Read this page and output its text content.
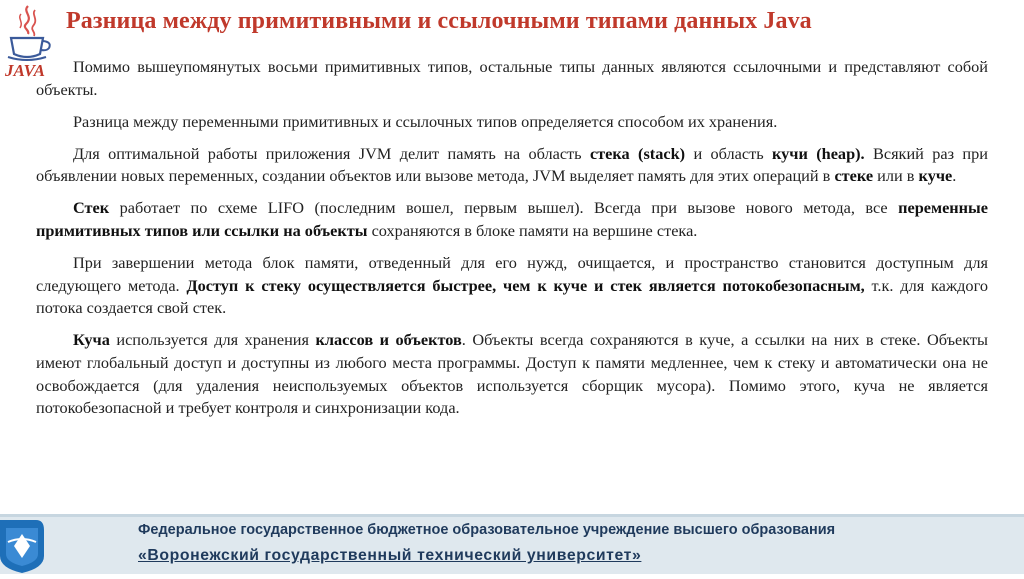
JAVA
Разница между примитивными и ссылочными типами данных Java

Помимо вышеупомянутых восьми примитивных типов, остальные типы данных являются ссылочными и представляют собой объекты.

Разница между переменными примитивных и ссылочных типов определяется способом их хранения.

Для оптимальной работы приложения JVM делит память на область стека (stack) и область кучи (heap). Всякий раз при объявлении новых переменных, создании объектов или вызове метода, JVM выделяет память для этих операций в стеке или в куче.

Стек работает по схеме LIFO (последним вошел, первым вышел). Всегда при вызове нового метода, все переменные примитивных типов или ссылки на объекты сохраняются в блоке памяти на вершине стека.

При завершении метода блок памяти, отведенный для его нужд, очищается, и пространство становится доступным для следующего метода. Доступ к стеку осуществляется быстрее, чем к куче и стек является потокобезопасным, т.к. для каждого потока создается свой стек.

Куча используется для хранения классов и объектов. Объекты всегда сохраняются в куче, а ссылки на них в стеке. Объекты имеют глобальный доступ и доступны из любого места программы. Доступ к памяти медленнее, чем к стеку и автоматически она не освобождается (для удаления неиспользуемых объектов используется сборщик мусора). Помимо этого, куча не является потокобезопасной и требует контроля и синхронизации кода.

Федеральное государственное бюджетное образовательное учреждение высшего образования
«Воронежский государственный технический университет»
